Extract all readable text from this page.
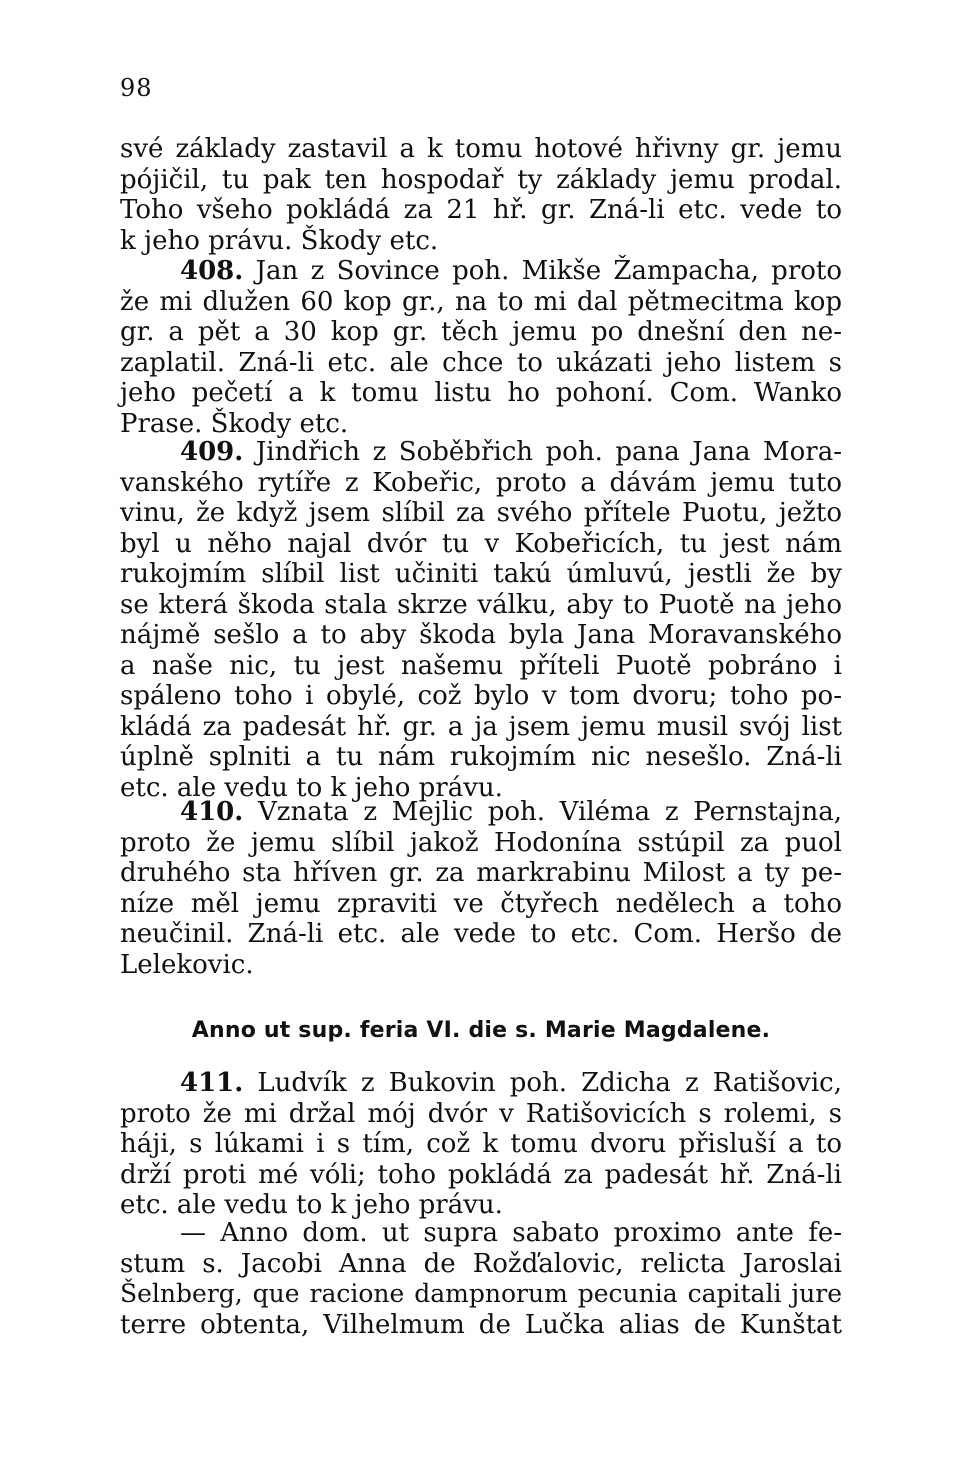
98
své základy zastavil a k tomu hotové hřivny gr. jemu
pójičil, tu pak ten hospodař ty základy jemu prodal.
Toho všeho pokládá za 21 hř. gr. Zná-li etc. vede to
k jeho právu. Škody etc.
408. Jan z Sovince poh. Mikše Žampacha, proto
že mi dlužen 60 kop gr., na to mi dal pětmecitma kop
gr. a pět a 30 kop gr. těch jemu po dnešní den ne-
zaplatil. Zná-li etc. ale chce to ukázati jeho listem s
jeho pečetí a k tomu listu ho pohoní. Com. Wanko
Prase. Škody etc.
409. Jindřich z Soběbřich poh. pana Jana Mora-
vanského rytíře z Kobeřic, proto a dávám jemu tuto
vinu, že když jsem slíbil za svého přítele Puotu, ježto
byl u něho najal dvór tu v Kobeřicích, tu jest nám
rukojmím slíbil list učiniti takú úmluvú, jestli že by
se která škoda stala skrze válku, aby to Puotě na jeho
nájmě sešlo a to aby škoda byla Jana Moravanského
a naše nic, tu jest našemu příteli Puotě pobráno i
spáleno toho i obylé, což bylo v tom dvoru; toho po-
kládá za padesát hř. gr. a ja jsem jemu musil svój list
úplně splniti a tu nám rukojmím nic nesešlo. Zná-li
etc. ale vedu to k jeho právu.
410. Vznata z Mejlic poh. Viléma z Pernstajna,
proto že jemu slíbil jakož Hodonína sstúpil za puol
druhého sta hříven gr. za markrabinu Milost a ty pe-
níze měl jemu zpraviti ve čtyřech nedělech a toho
neučinil. Zná-li etc. ale vede to etc. Com. Heršo de
Lelekovic.
Anno ut sup. feria VI. die s. Marie Magdalene.
411. Ludvík z Bukovin poh. Zdicha z Ratišovic,
proto že mi držal mój dvór v Ratišovicích s rolemi, s
háji, s lúkami i s tím, což k tomu dvoru přisluší a to
drží proti mé vóli; toho pokládá za padesát hř. Zná-li
etc. ale vedu to k jeho právu.
— Anno dom. ut supra sabato proximo ante fe-
stum s. Jacobi Anna de Rožďalovic, relicta Jaroslai
Šelnberg, que racione dampnorum pecunia capitali jure
terre obtenta, Vilhelmum de Lučka alias de Kunštat
